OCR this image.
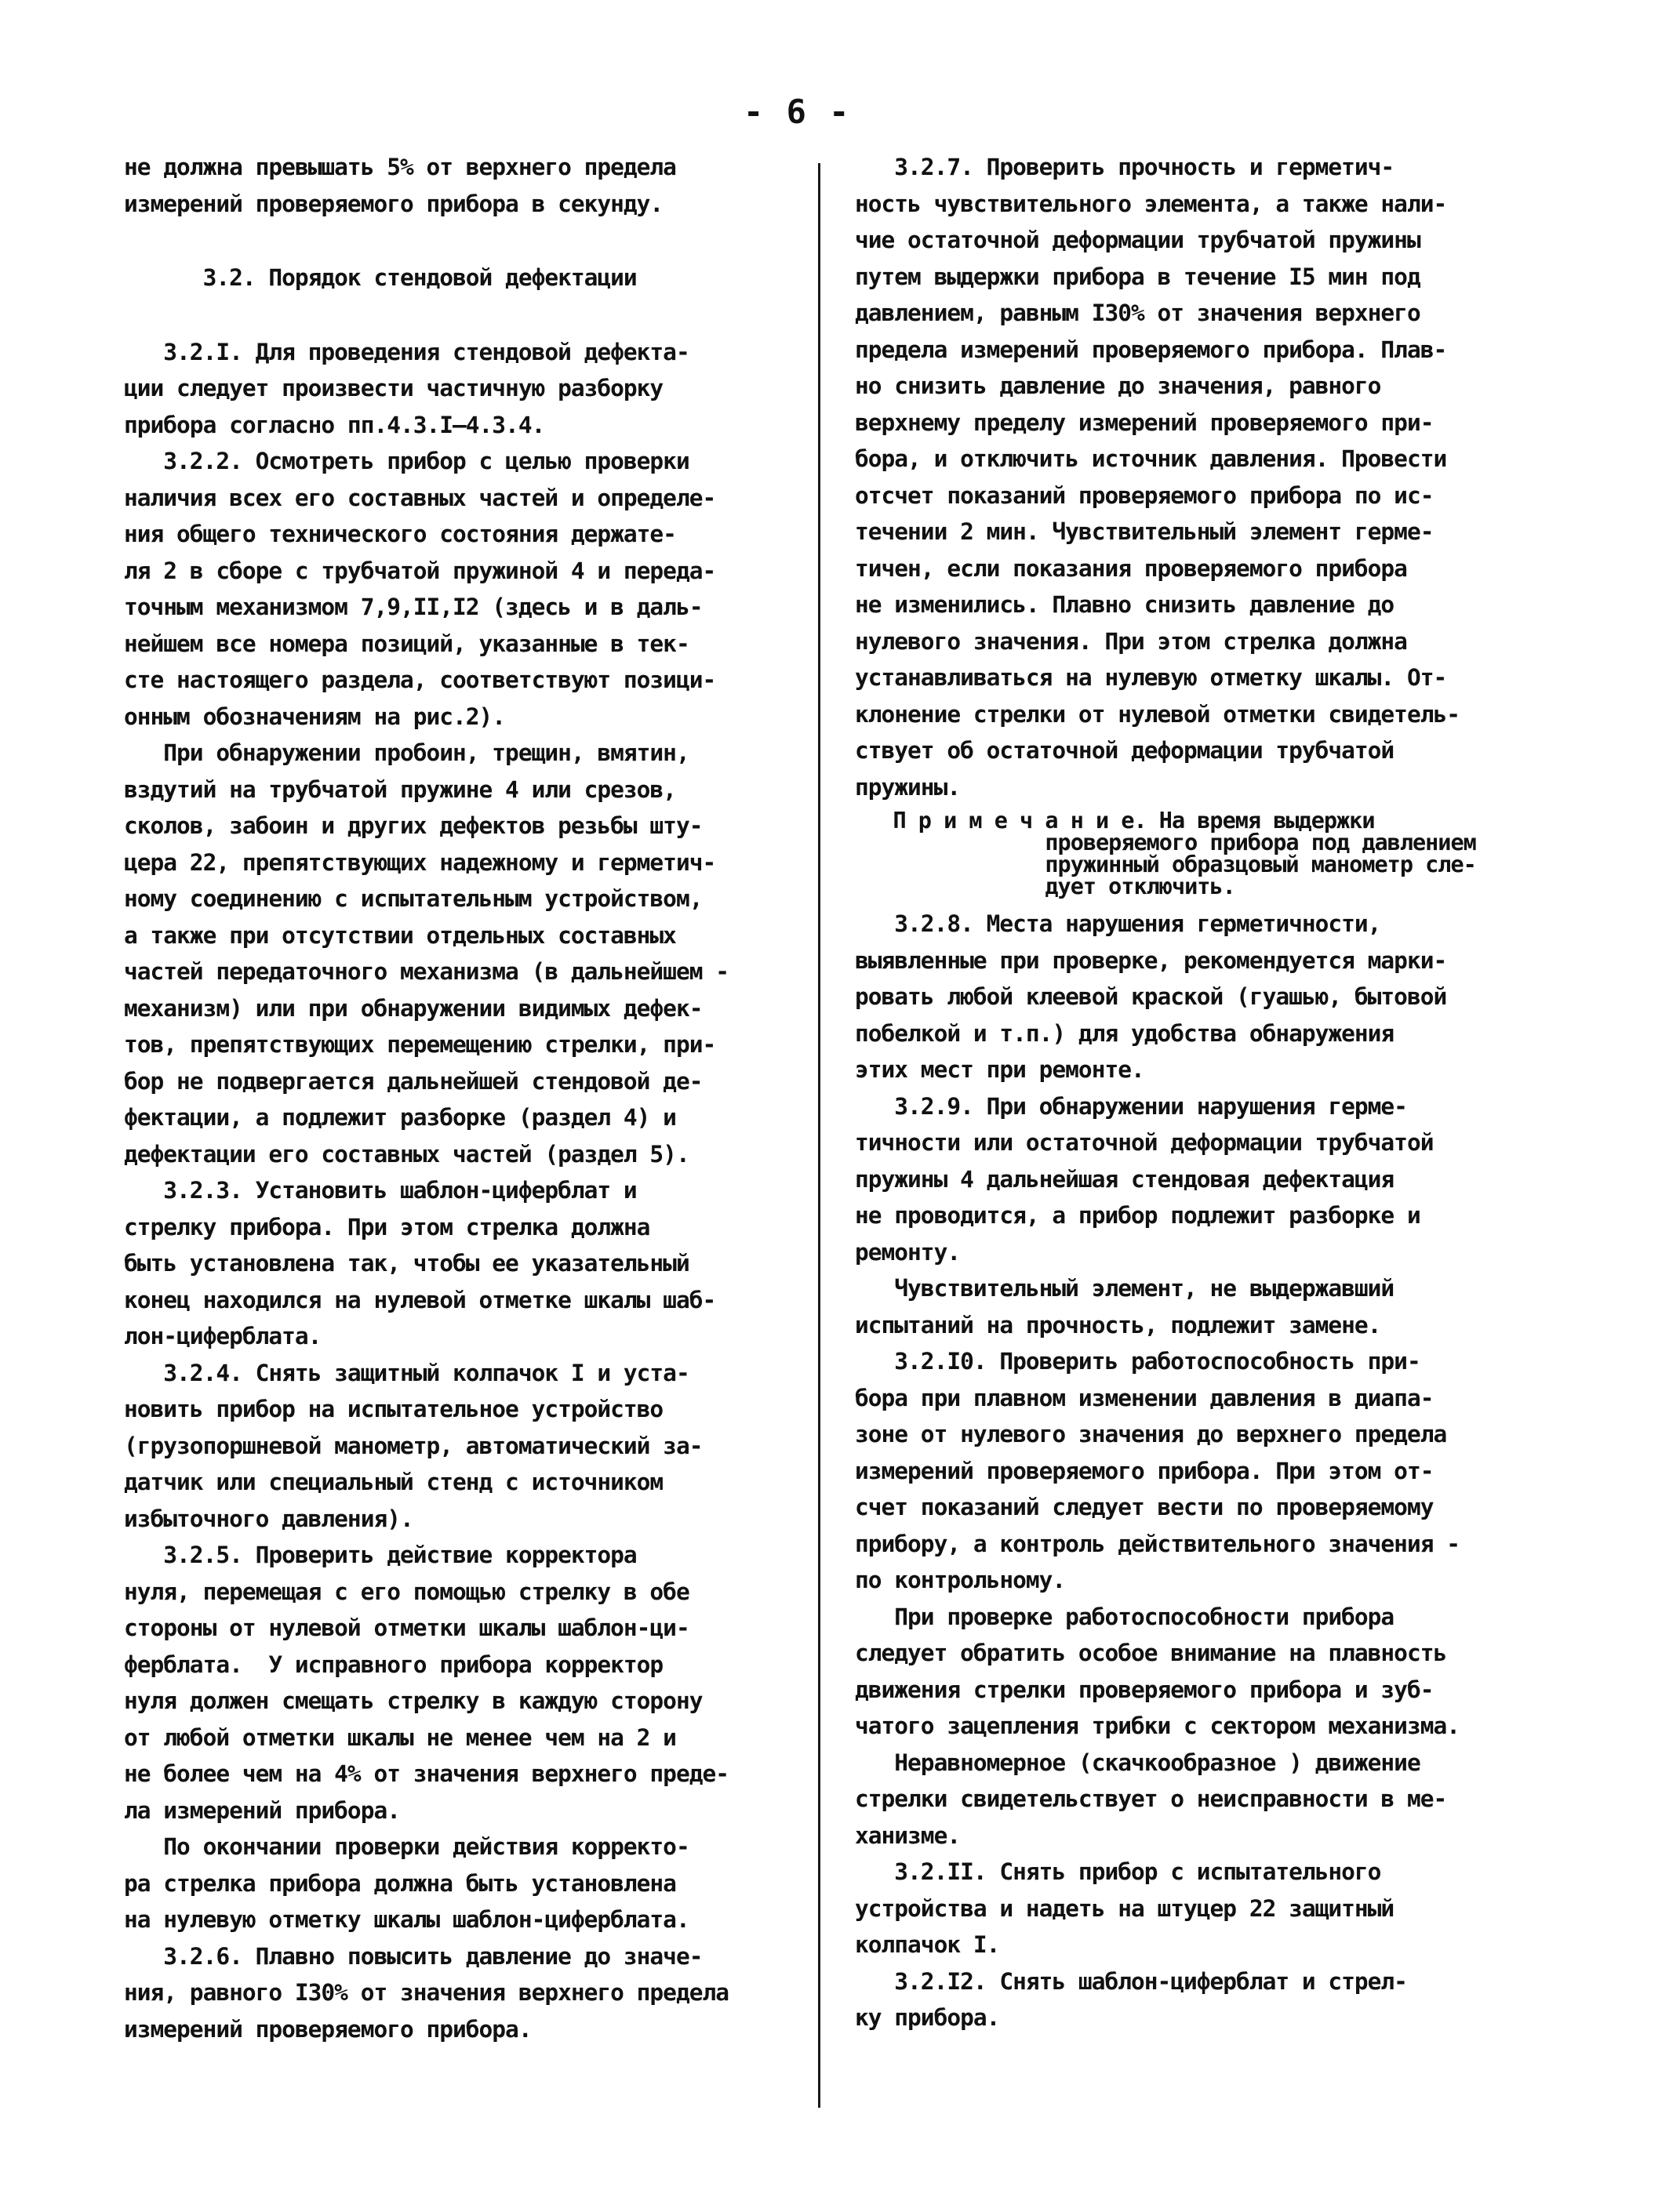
- 6 -
не должна превышать 5% от верхнего предела
измерений проверяемого прибора в секунду.
3.2. Порядок стендовой дефектации
3.2.I. Для проведения стендовой дефекта-
ции следует произвести частичную разборку
прибора согласно пп.4.3.I—4.3.4.
3.2.2. Осмотреть прибор с целью проверки
наличия всех его составных частей и определе-
ния общего технического состояния держате-
ля 2 в сборе с трубчатой пружиной 4 и переда-
точным механизмом 7,9,II,I2 (здесь и в даль-
нейшем все номера позиций, указанные в тек-
сте настоящего раздела, соответствуют позици-
онным обозначениям на рис.2).
При обнаружении пробоин, трещин, вмятин,
вздутий на трубчатой пружине 4 или срезов,
сколов, забоин и других дефектов резьбы шту-
цера 22, препятствующих надежному и герметич-
ному соединению с испытательным устройством,
а также при отсутствии отдельных составных
частей передаточного механизма (в дальнейшем -
механизм) или при обнаружении видимых дефек-
тов, препятствующих перемещению стрелки, при-
бор не подвергается дальнейшей стендовой де-
фектации, а подлежит разборке (раздел 4) и
дефектации его составных частей (раздел 5).
3.2.3. Установить шаблон-циферблат и
стрелку прибора. При этом стрелка должна
быть установлена так, чтобы ее указательный
конец находился на нулевой отметке шкалы шаб-
лон-циферблата.
3.2.4. Снять защитный колпачок I и уста-
новить прибор на испытательное устройство
(грузопоршневой манометр, автоматический за-
датчик или специальный стенд с источником
избыточного давления).
3.2.5. Проверить действие корректора
нуля, перемещая с его помощью стрелку в обе
стороны от нулевой отметки шкалы шаблон-ци-
ферблата.  У исправного прибора корректор
нуля должен смещать стрелку в каждую сторону
от любой отметки шкалы не менее чем на 2 и
не более чем на 4% от значения верхнего преде-
ла измерений прибора.
По окончании проверки действия корректо-
ра стрелка прибора должна быть установлена
на нулевую отметку шкалы шаблон-циферблата.
3.2.6. Плавно повысить давление до значе-
ния, равного I30% от значения верхнего предела
измерений проверяемого прибора.
3.2.7. Проверить прочность и герметич-
ность чувствительного элемента, а также нали-
чие остаточной деформации трубчатой пружины
путем выдержки прибора в течение I5 мин под
давлением, равным I30% от значения верхнего
предела измерений проверяемого прибора. Плав-
но снизить давление до значения, равного
верхнему пределу измерений проверяемого при-
бора, и отключить источник давления. Провести
отсчет показаний проверяемого прибора по ис-
течении 2 мин. Чувствительный элемент герме-
тичен, если показания проверяемого прибора
не изменились. Плавно снизить давление до
нулевого значения. При этом стрелка должна
устанавливаться на нулевую отметку шкалы. От-
клонение стрелки от нулевой отметки свидетель-
ствует об остаточной деформации трубчатой
пружины.
П р и м е ч а н и е. На время выдержки
проверяемого прибора под давлением
пружинный образцовый манометр сле-
дует отключить.
3.2.8. Места нарушения герметичности,
выявленные при проверке, рекомендуется марки-
ровать любой клеевой краской (гуашью, бытовой
побелкой и т.п.) для удобства обнаружения
этих мест при ремонте.
3.2.9. При обнаружении нарушения герме-
тичности или остаточной деформации трубчатой
пружины 4 дальнейшая стендовая дефектация
не проводится, а прибор подлежит разборке и
ремонту.
Чувствительный элемент, не выдержавший
испытаний на прочность, подлежит замене.
3.2.I0. Проверить работоспособность при-
бора при плавном изменении давления в диапа-
зоне от нулевого значения до верхнего предела
измерений проверяемого прибора. При этом от-
счет показаний следует вести по проверяемому
прибору, а контроль действительного значения -
по контрольному.
При проверке работоспособности прибора
следует обратить особое внимание на плавность
движения стрелки проверяемого прибора и зуб-
чатого зацепления трибки с сектором механизма.
Неравномерное (скачкообразное ) движение
стрелки свидетельствует о неисправности в ме-
ханизме.
3.2.II. Снять прибор с испытательного
устройства и надеть на штуцер 22 защитный
колпачок I.
3.2.I2. Снять шаблон-циферблат и стрел-
ку прибора.
